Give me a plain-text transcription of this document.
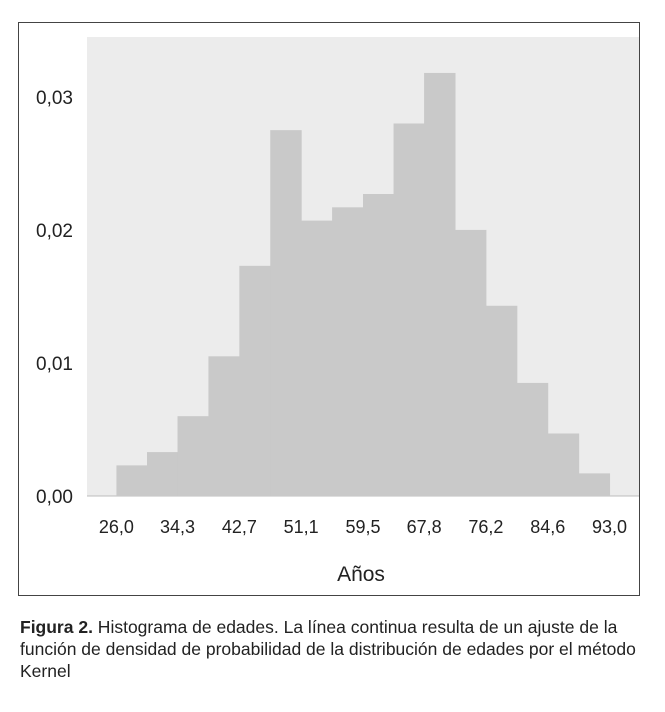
0,00
0,01
0,02
0,03
26,0 34,3 42,7 51,1 59,5 67,8 76,2 84,6 93,0
Años
Figura 2. Histograma de edades. La línea continua resulta de un ajuste de la función de densidad de probabilidad de la distribución de edades por el método Kernel
